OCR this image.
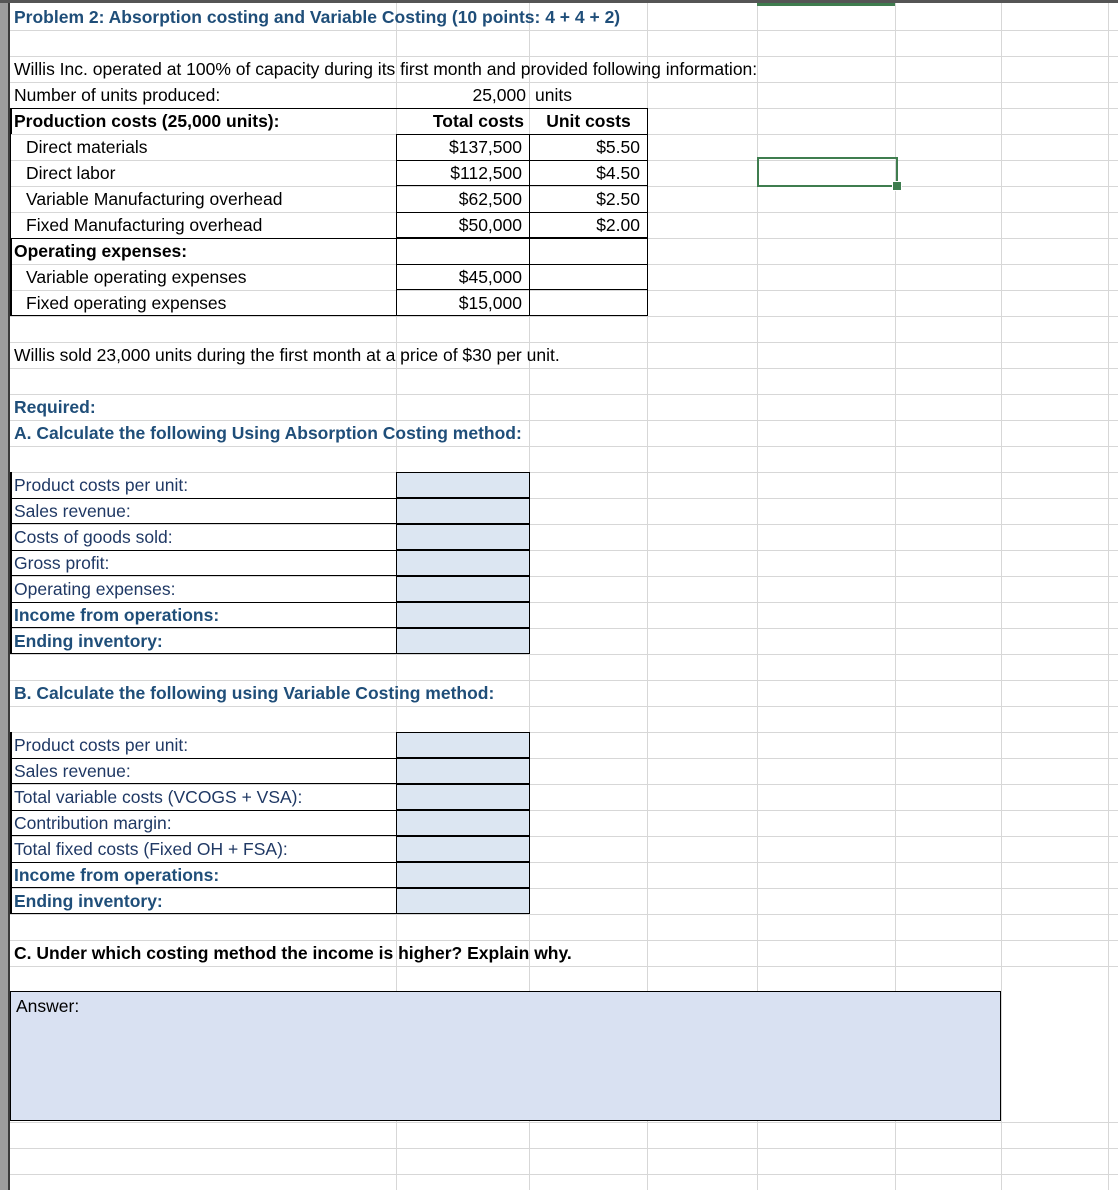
Problem 2: Absorption costing and Variable Costing (10 points: 4 + 4 + 2)
Willis Inc. operated at 100% of capacity during its first month and provided following information:
Number of units produced:	25,000 units
Production costs (25,000 units):	Total costs	Unit costs
Direct materials	$137,500	$5.50
Direct labor	$112,500	$4.50
Variable Manufacturing overhead	$62,500	$2.50
Fixed Manufacturing overhead	$50,000	$2.00
Operating expenses:
Variable operating expenses	$45,000
Fixed operating expenses	$15,000
Willis sold 23,000 units during the first month at a price of $30 per unit.
Required:
A. Calculate the following Using Absorption Costing method:
Product costs per unit:
Sales revenue:
Costs of goods sold:
Gross profit:
Operating expenses:
Income from operations:
Ending inventory:
B. Calculate the following using Variable Costing method:
Product costs per unit:
Sales revenue:
Total variable costs (VCOGS + VSA):
Contribution margin:
Total fixed costs (Fixed OH + FSA):
Income from operations:
Ending inventory:
C. Under which costing method the income is higher? Explain why.
Answer:
